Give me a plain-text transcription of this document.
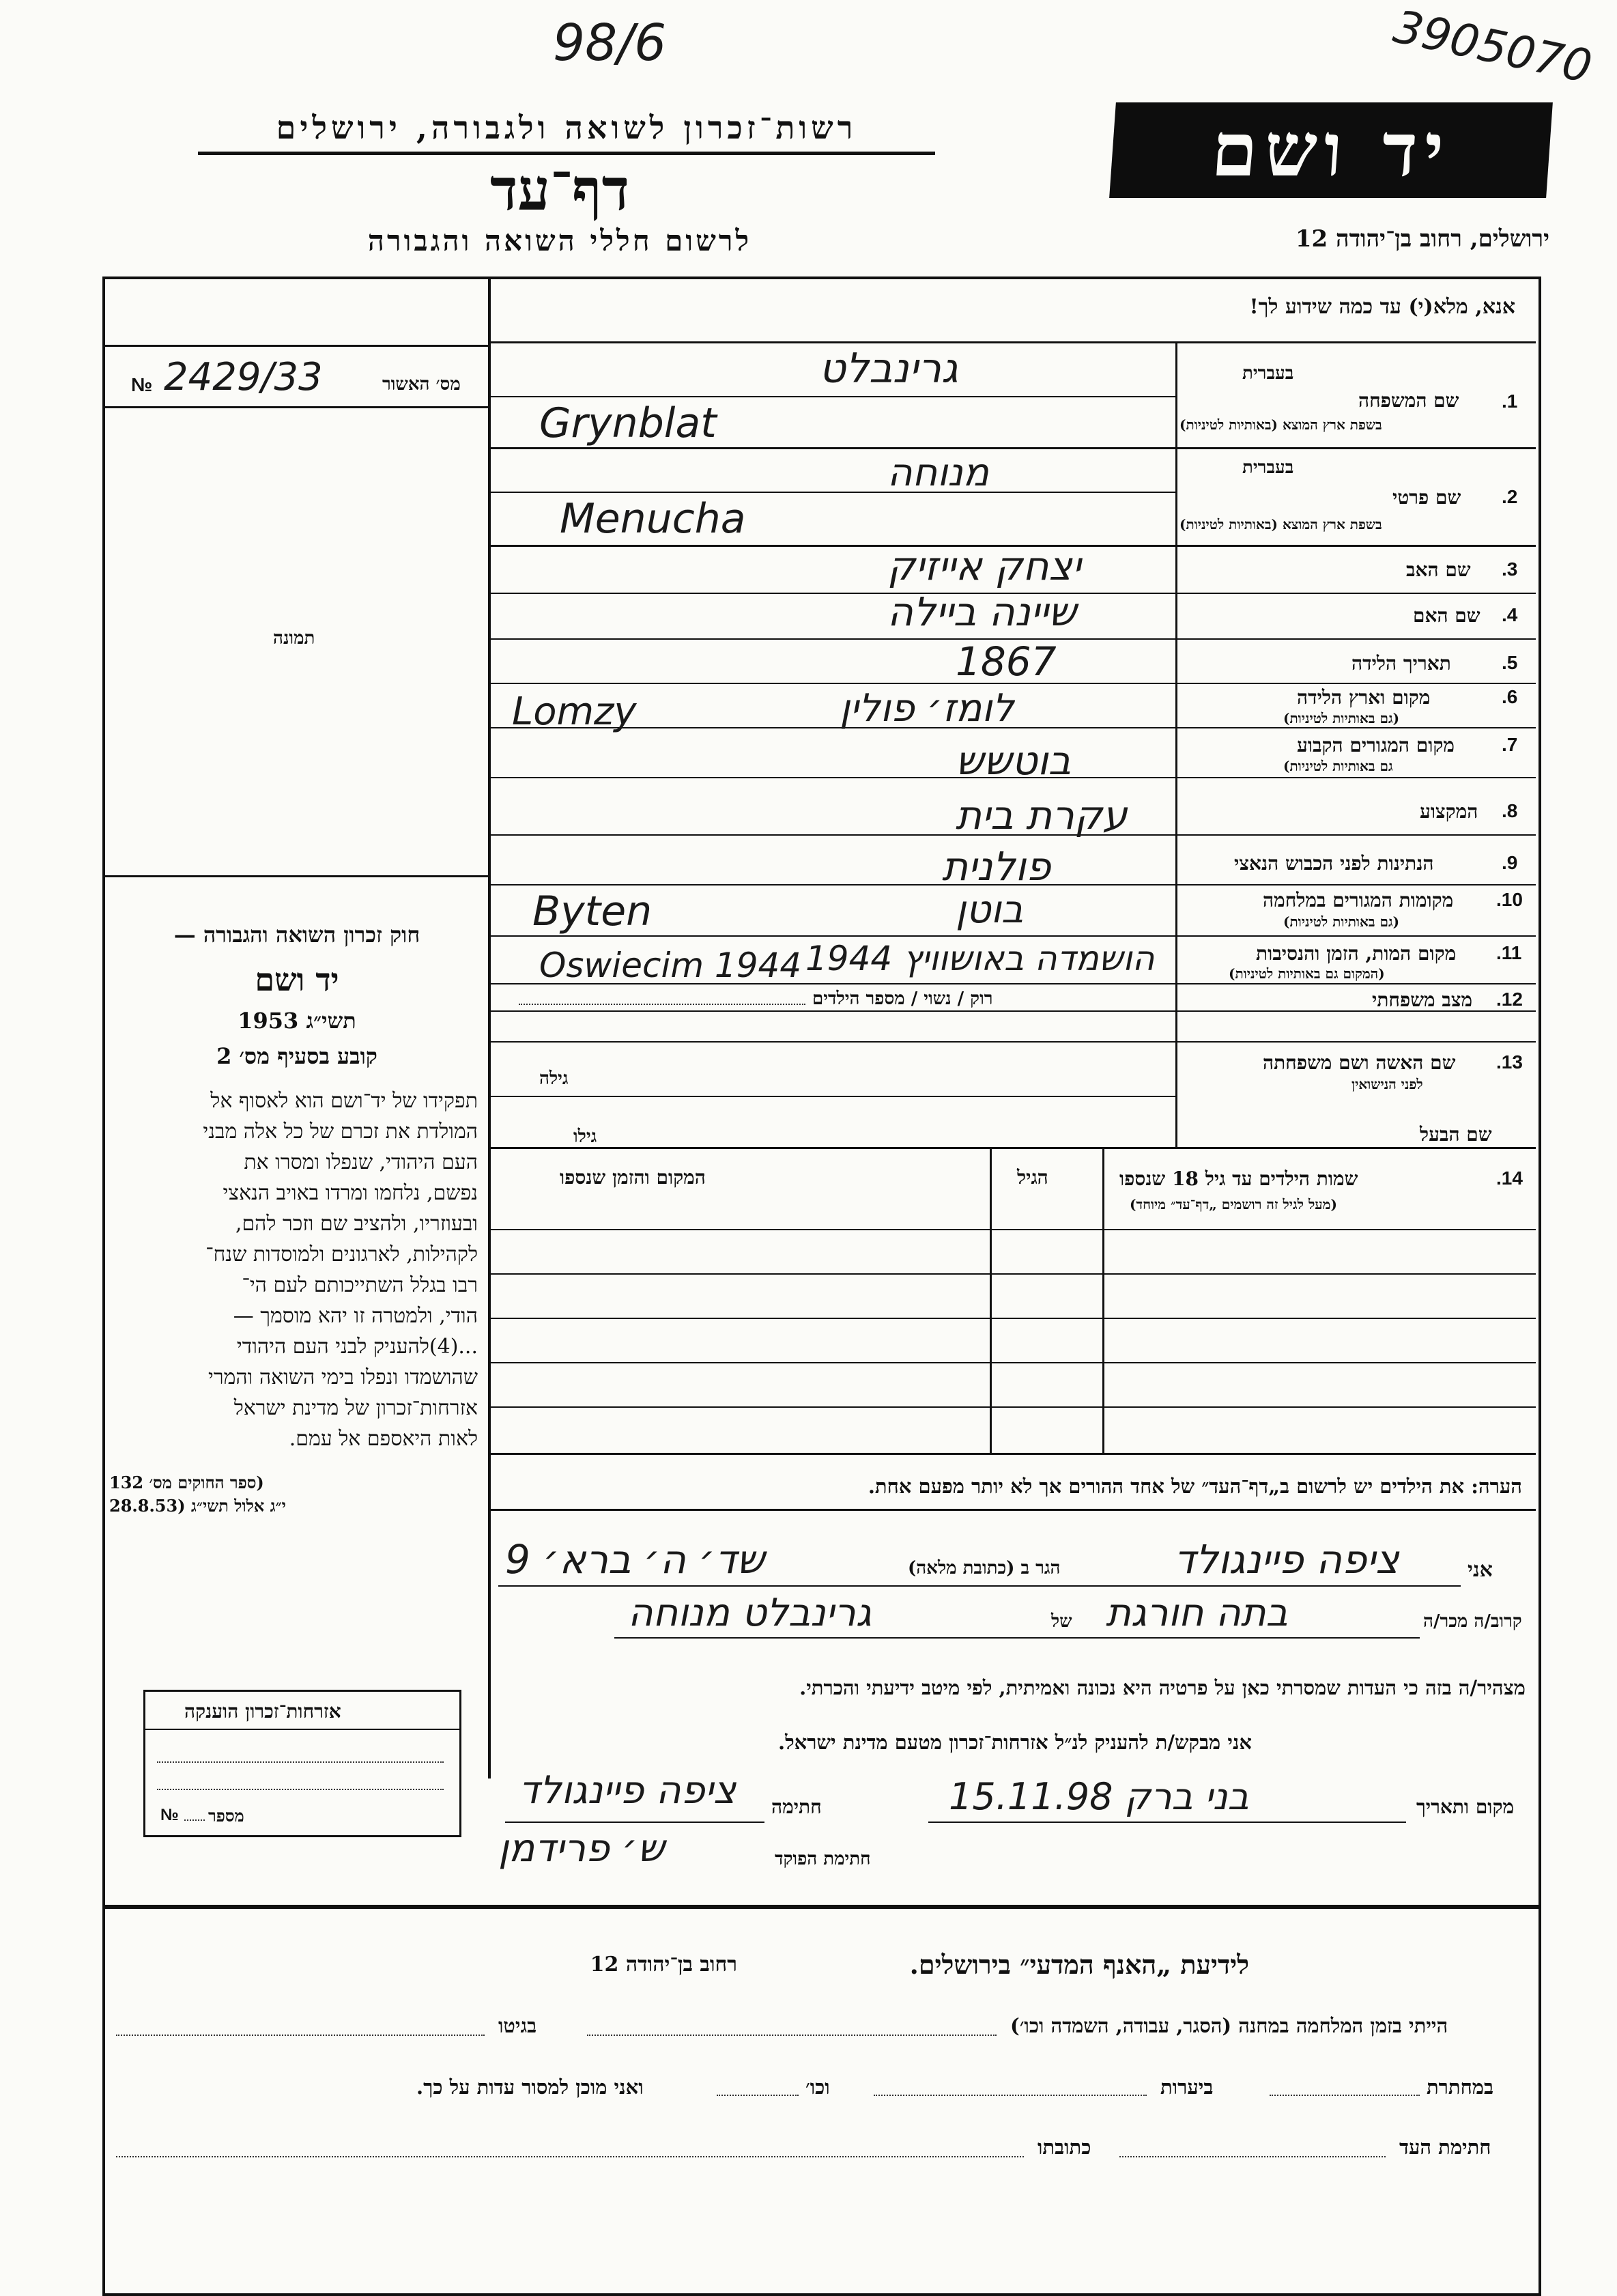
98/6	3905070
רשות־זכרון לשואה ולגבורה, ירושלים
דף־עד
לרשום חללי השואה והגבורה
יד ושם
ירושלים, רחוב בן־יהודה 12
מס׳ האשור
2429/33
№
תמונה

חוק זכרון השואה והגבורה —

יד ושם

תשי״ג 1953

קובע בסעיף מס׳ 2

תפקידו של יד־ושם הוא לאסוף אל

המולדת את זכרם של כל אלה מבני

העם היהודי, שנפלו ומסרו את

נפשם, נלחמו ומרדו באויב הנאצי

ובעוזריו, ולהציב שם וזכר להם,

לקהילות, לארגונים ולמוסדות שנח־

רבו בגלל השתייכותם לעם הי־

הודי, ולמטרה זו יהא מוסמך —

...(4)להעניק לבני העם היהודי

שהושמדו ונפלו בימי השואה והמרי

אזרחות־זכרון של מדינת ישראל

לאות היאספם אל עמם.

(ספר החוקים מס׳ 132
י״ג אלול תשי״ג (28.8.53
אזרחות־זכרון הוענקה
מספר
№
אנא, מלא(י) עד כמה שידוע לך!
בעברית
1.
שם המשפחה
בשפת ארץ המוצא (באותיות לטיניות)
גרינבלט
Grynblat
בעברית
2.
שם פרטי
בשפת ארץ המוצא (באותיות לטיניות)
מנוחה
Menucha
3.
שם האב
יצחק אייזיק
4.
שם האם
שיינה ביילה
5.
תאריך הלידה
1867
6.
מקום וארץ הלידה
(גם באותיות לטיניות)
לומז׳ פולין
Lomzy
7.
מקום המגורים הקבוע
גם באותיות לטיניות)
בוטשש
8.
המקצוע
עקרת בית
9.
הנתינות לפני הכבוש הנאצי
פולנית
10.
מקומות המגורים במלחמה
(גם באותיות לטיניות)
בוטן
Byten
11.
מקום המות, הזמן והנסיבות
(המקום גם באותיות לטיניות)
הושמדה באושוויץ 1944
Oswiecim 1944
12.
מצב משפחתי
רוק / נשוי / מספר הילדים
13.
שם האשה ושם משפחתה
לפני הנישואין
גילה
שם הבעל
גילו
14.
שמות הילדים עד גיל 18 שנספו
(מעל לגיל זה רושמים „דף־עד״ מיוחד)
הגיל
המקום והזמן שנספו
הערה: את הילדים יש לרשום ב„דף־העד״ של אחד ההורים אך לא יותר מפעם אחת.
אני
ציפה פיינגולד
הגר ב (כתובת מלאה)
שד׳ ה׳ ברא׳ 9
קרוב/ה מכר/ה
בתה חורגת
של
גרינבלט מנוחה
מצהיר/ה בזה כי העדות שמסרתי כאן על פרטיה היא נכונה ואמיתית, לפי מיטב ידיעתי והכרתי.
אני מבקש/ת להעניק לנ״ל אזרחות־זכרון מטעם מדינת ישראל.
מקום ותאריך
בני ברק 15.11.98
חתימה
ציפה פיינגולד
חתימת הפוקד
ש׳ פרידמן
לידיעת „האנף המדעי״ בירושלים.
רחוב בן־יהודה 12
הייתי בזמן המלחמה במחנה (הסגר, עבודה, השמדה וכו׳)
בגיטו
במחתרת
ביערות
וכו׳
ואני מוכן למסור עדות על כך.
חתימת העד
כתובתו
